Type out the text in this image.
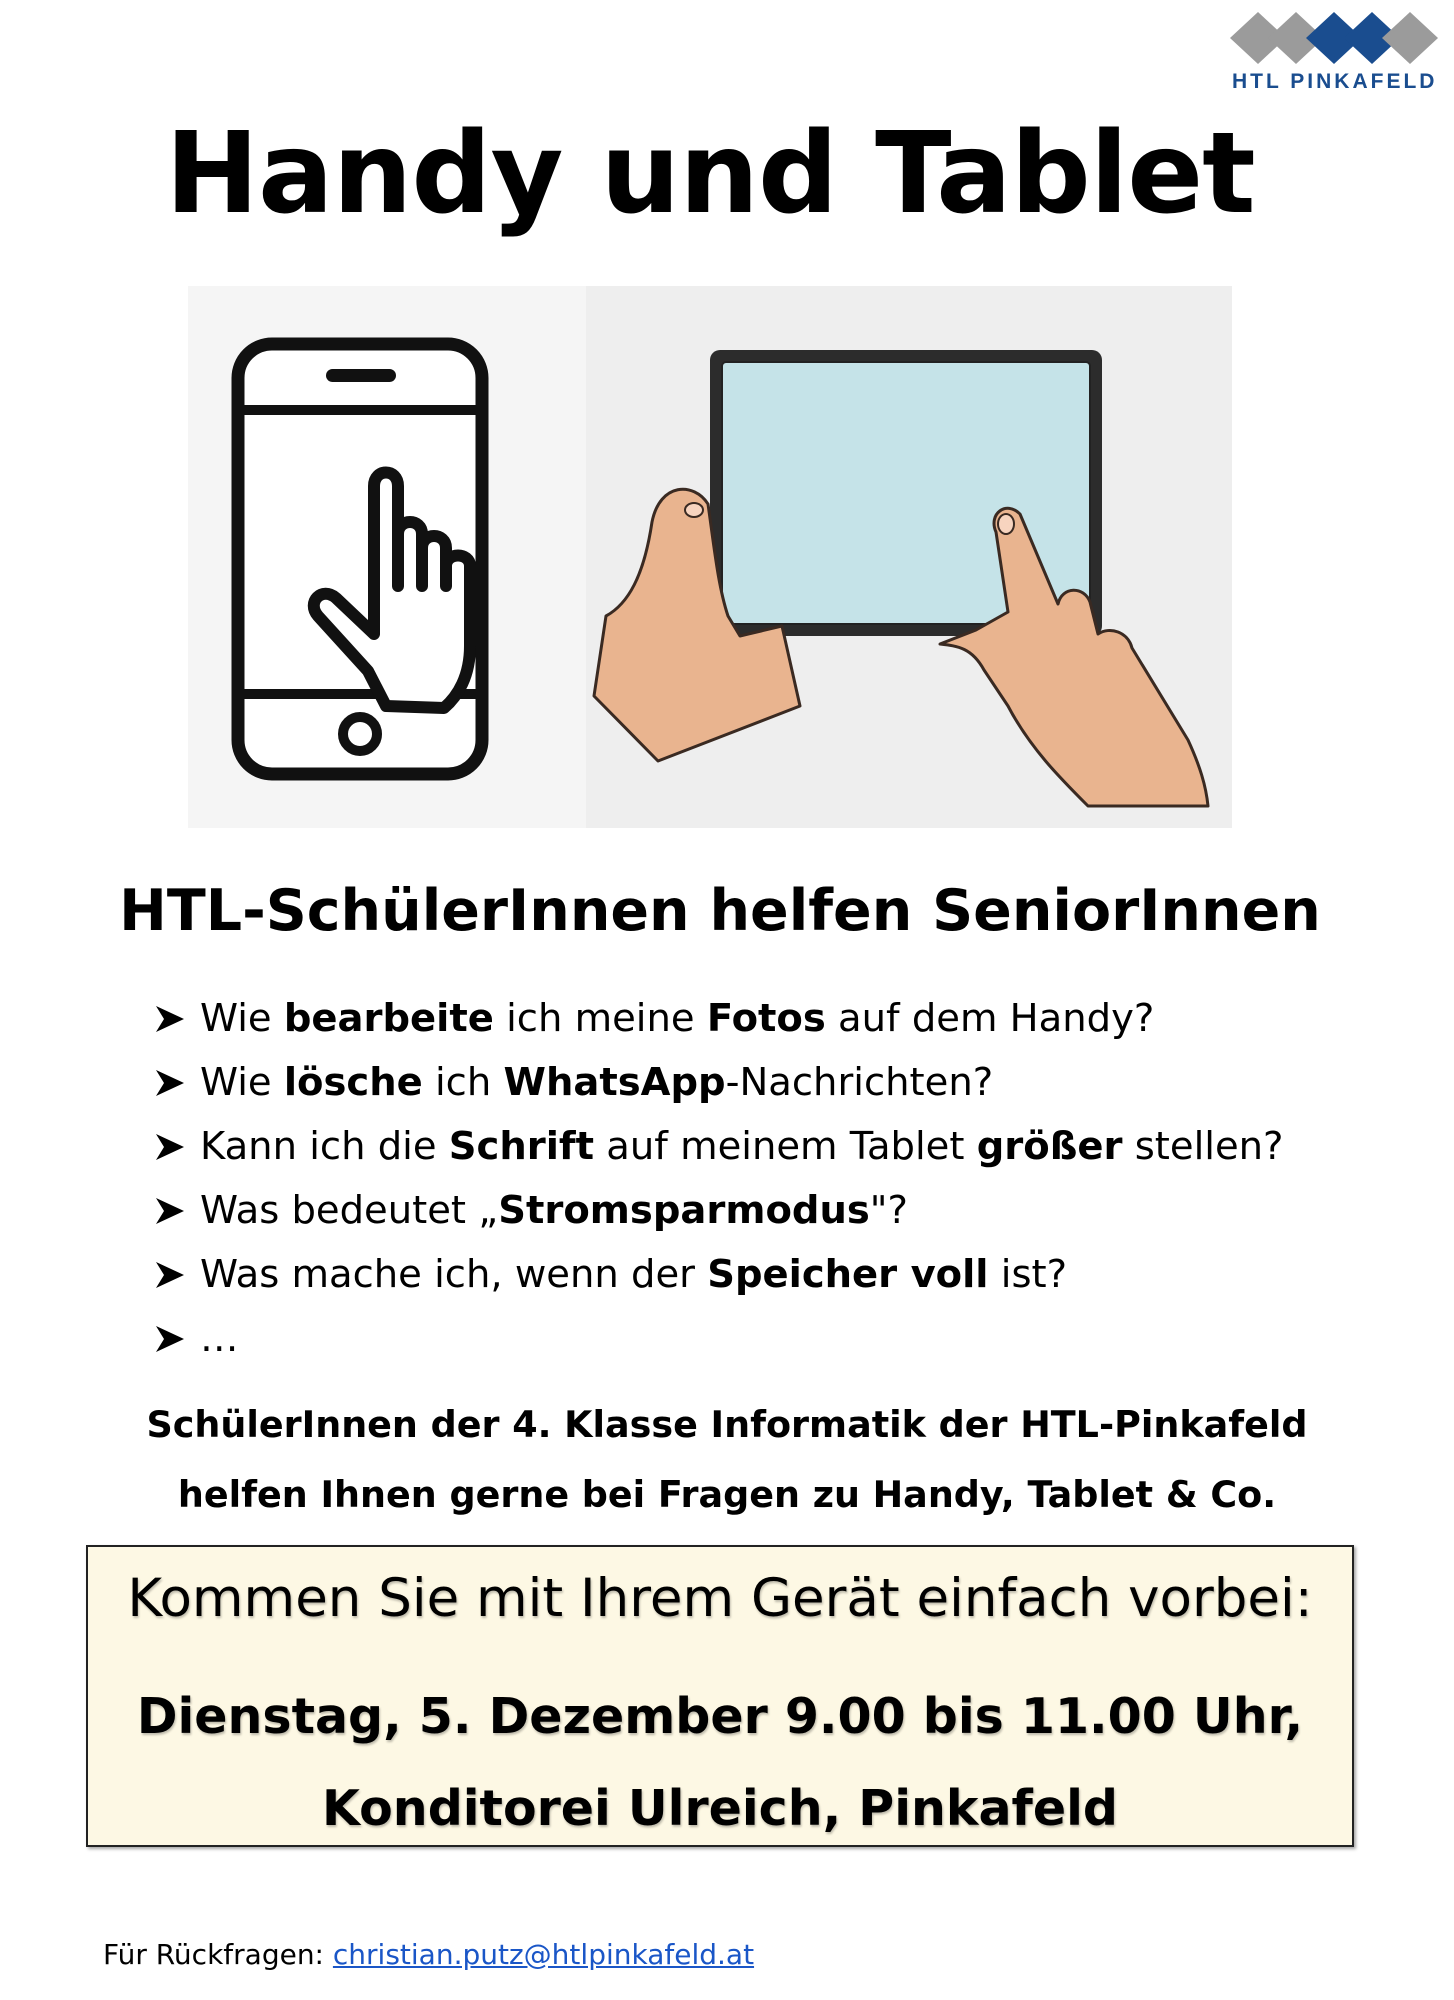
HTL PINKAFELD
Handy und Tablet
HTL-SchülerInnen helfen SeniorInnen
Wie bearbeite ich meine Fotos auf dem Handy?
Wie lösche ich WhatsApp-Nachrichten?
Kann ich die Schrift auf meinem Tablet größer stellen?
Was bedeutet „Stromsparmodus"?
Was mache ich, wenn der Speicher voll ist?
…
SchülerInnen der 4. Klasse Informatik der HTL-Pinkafeld
helfen Ihnen gerne bei Fragen zu Handy, Tablet & Co.
Kommen Sie mit Ihrem Gerät einfach vorbei:
Dienstag, 5. Dezember 9.00 bis 11.00 Uhr,
Konditorei Ulreich, Pinkafeld
Für Rückfragen: christian.putz@htlpinkafeld.at
